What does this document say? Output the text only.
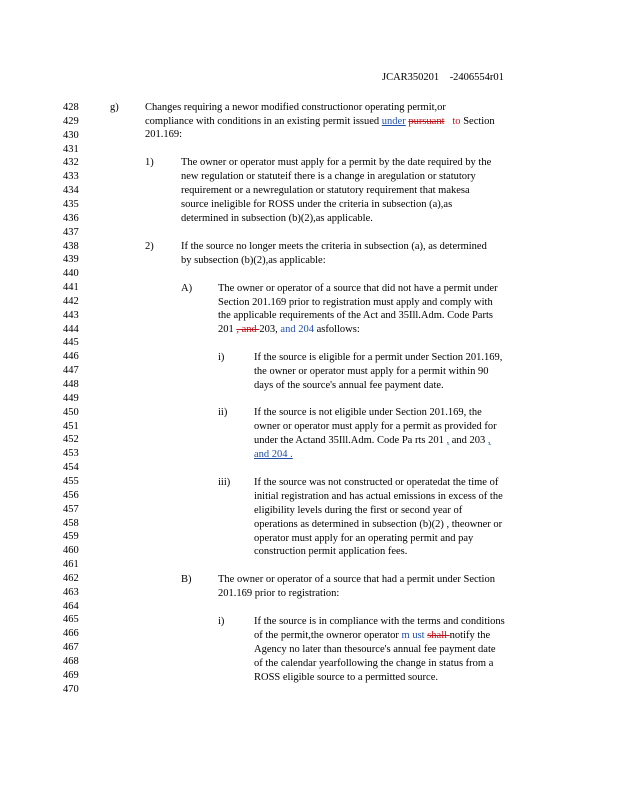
JCAR350201 -2406554r01
428
429
430
431
432
433
434
435
436
437
438
439
440
441
442
443
444
445
446
447
448
449
450
451
452
453
454
455
456
457
458
459
460
461
462
463
464
465
466
467
468
469
470
g)	Changes requiring a newor modified constructionor operating permit,or
compliance with conditions in an existing permit issued under pursuant to Section
201.169:
1)	The owner or operator must apply for a permit by the date required by the
new regulation or statuteif there is a change in aregulation or statutory
requirement or a newregulation or statutory requirement that makesa
source ineligible for ROSS under the criteria in subsection (a),as
determined in subsection (b)(2),as applicable.
2)	If the source no longer meets the criteria in subsection (a), as determined
by subsection (b)(2),as applicable:
A) The owner or operator of a source that did not have a permit under
Section 201.169 prior to registration must apply and comply with
the applicable requirements of the Act and 35Ill.Adm. Code Parts
201 , and 203, and 204 asfollows:
i)	If the source is eligible for a permit under Section 201.169,
the owner or operator must apply for a permit within 90
days of the source's annual fee payment date.
ii)	If the source is not eligible under Section 201.169, the
owner or operator must apply for a permit as provided for
under the Actand 35Ill.Adm. Code Pa rts 201 , and 203 ,
and 204 .
iii) If the source was not constructed or operatedat the time of
initial registration and has actual emissions in excess of the
eligibility levels during the first or second year of
operations as determined in subsection (b)(2) , theowner or
operator must apply for an operating permit and pay
construction permit application fees.
B)	The owner or operator of a source that had a permit under Section
201.169 prior to registration:
i)	If the source is in compliance with the terms and conditions
of the permit,the owneror operator m ust shall notify the
Agency no later than thesource's annual fee payment date
of the calendar yearfollowing the change in status from a
ROSS eligible source to a permitted source.
